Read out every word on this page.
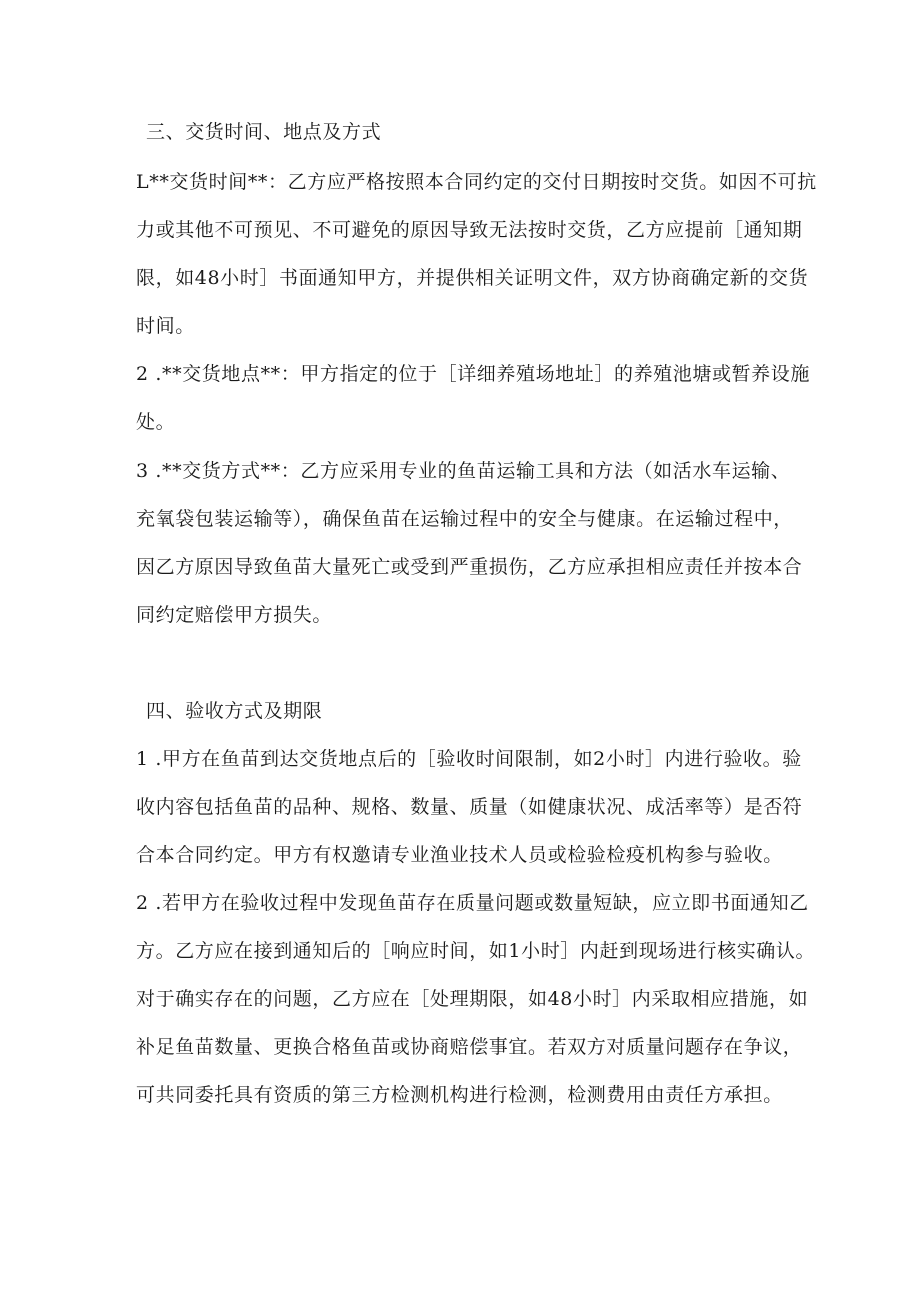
三、交货时间、地点及方式
L**交货时间**：乙方应严格按照本合同约定的交付日期按时交货。如因不可抗
力或其他不可预见、不可避免的原因导致无法按时交货，乙方应提前［通知期
限，如48小时］书面通知甲方，并提供相关证明文件，双方协商确定新的交货
时间。
2 .**交货地点**：甲方指定的位于［详细养殖场地址］的养殖池塘或暂养设施
处。
3 .**交货方式**：乙方应采用专业的鱼苗运输工具和方法（如活水车运输、
充氧袋包装运输等），确保鱼苗在运输过程中的安全与健康。在运输过程中，
因乙方原因导致鱼苗大量死亡或受到严重损伤，乙方应承担相应责任并按本合
同约定赔偿甲方损失。
四、验收方式及期限
1 .甲方在鱼苗到达交货地点后的［验收时间限制，如2小时］内进行验收。验
收内容包括鱼苗的品种、规格、数量、质量（如健康状况、成活率等）是否符
合本合同约定。甲方有权邀请专业渔业技术人员或检验检疫机构参与验收。
2 .若甲方在验收过程中发现鱼苗存在质量问题或数量短缺，应立即书面通知乙
方。乙方应在接到通知后的［响应时间，如1小时］内赶到现场进行核实确认。
对于确实存在的问题，乙方应在［处理期限，如48小时］内采取相应措施，如
补足鱼苗数量、更换合格鱼苗或协商赔偿事宜。若双方对质量问题存在争议，
可共同委托具有资质的第三方检测机构进行检测，检测费用由责任方承担。
